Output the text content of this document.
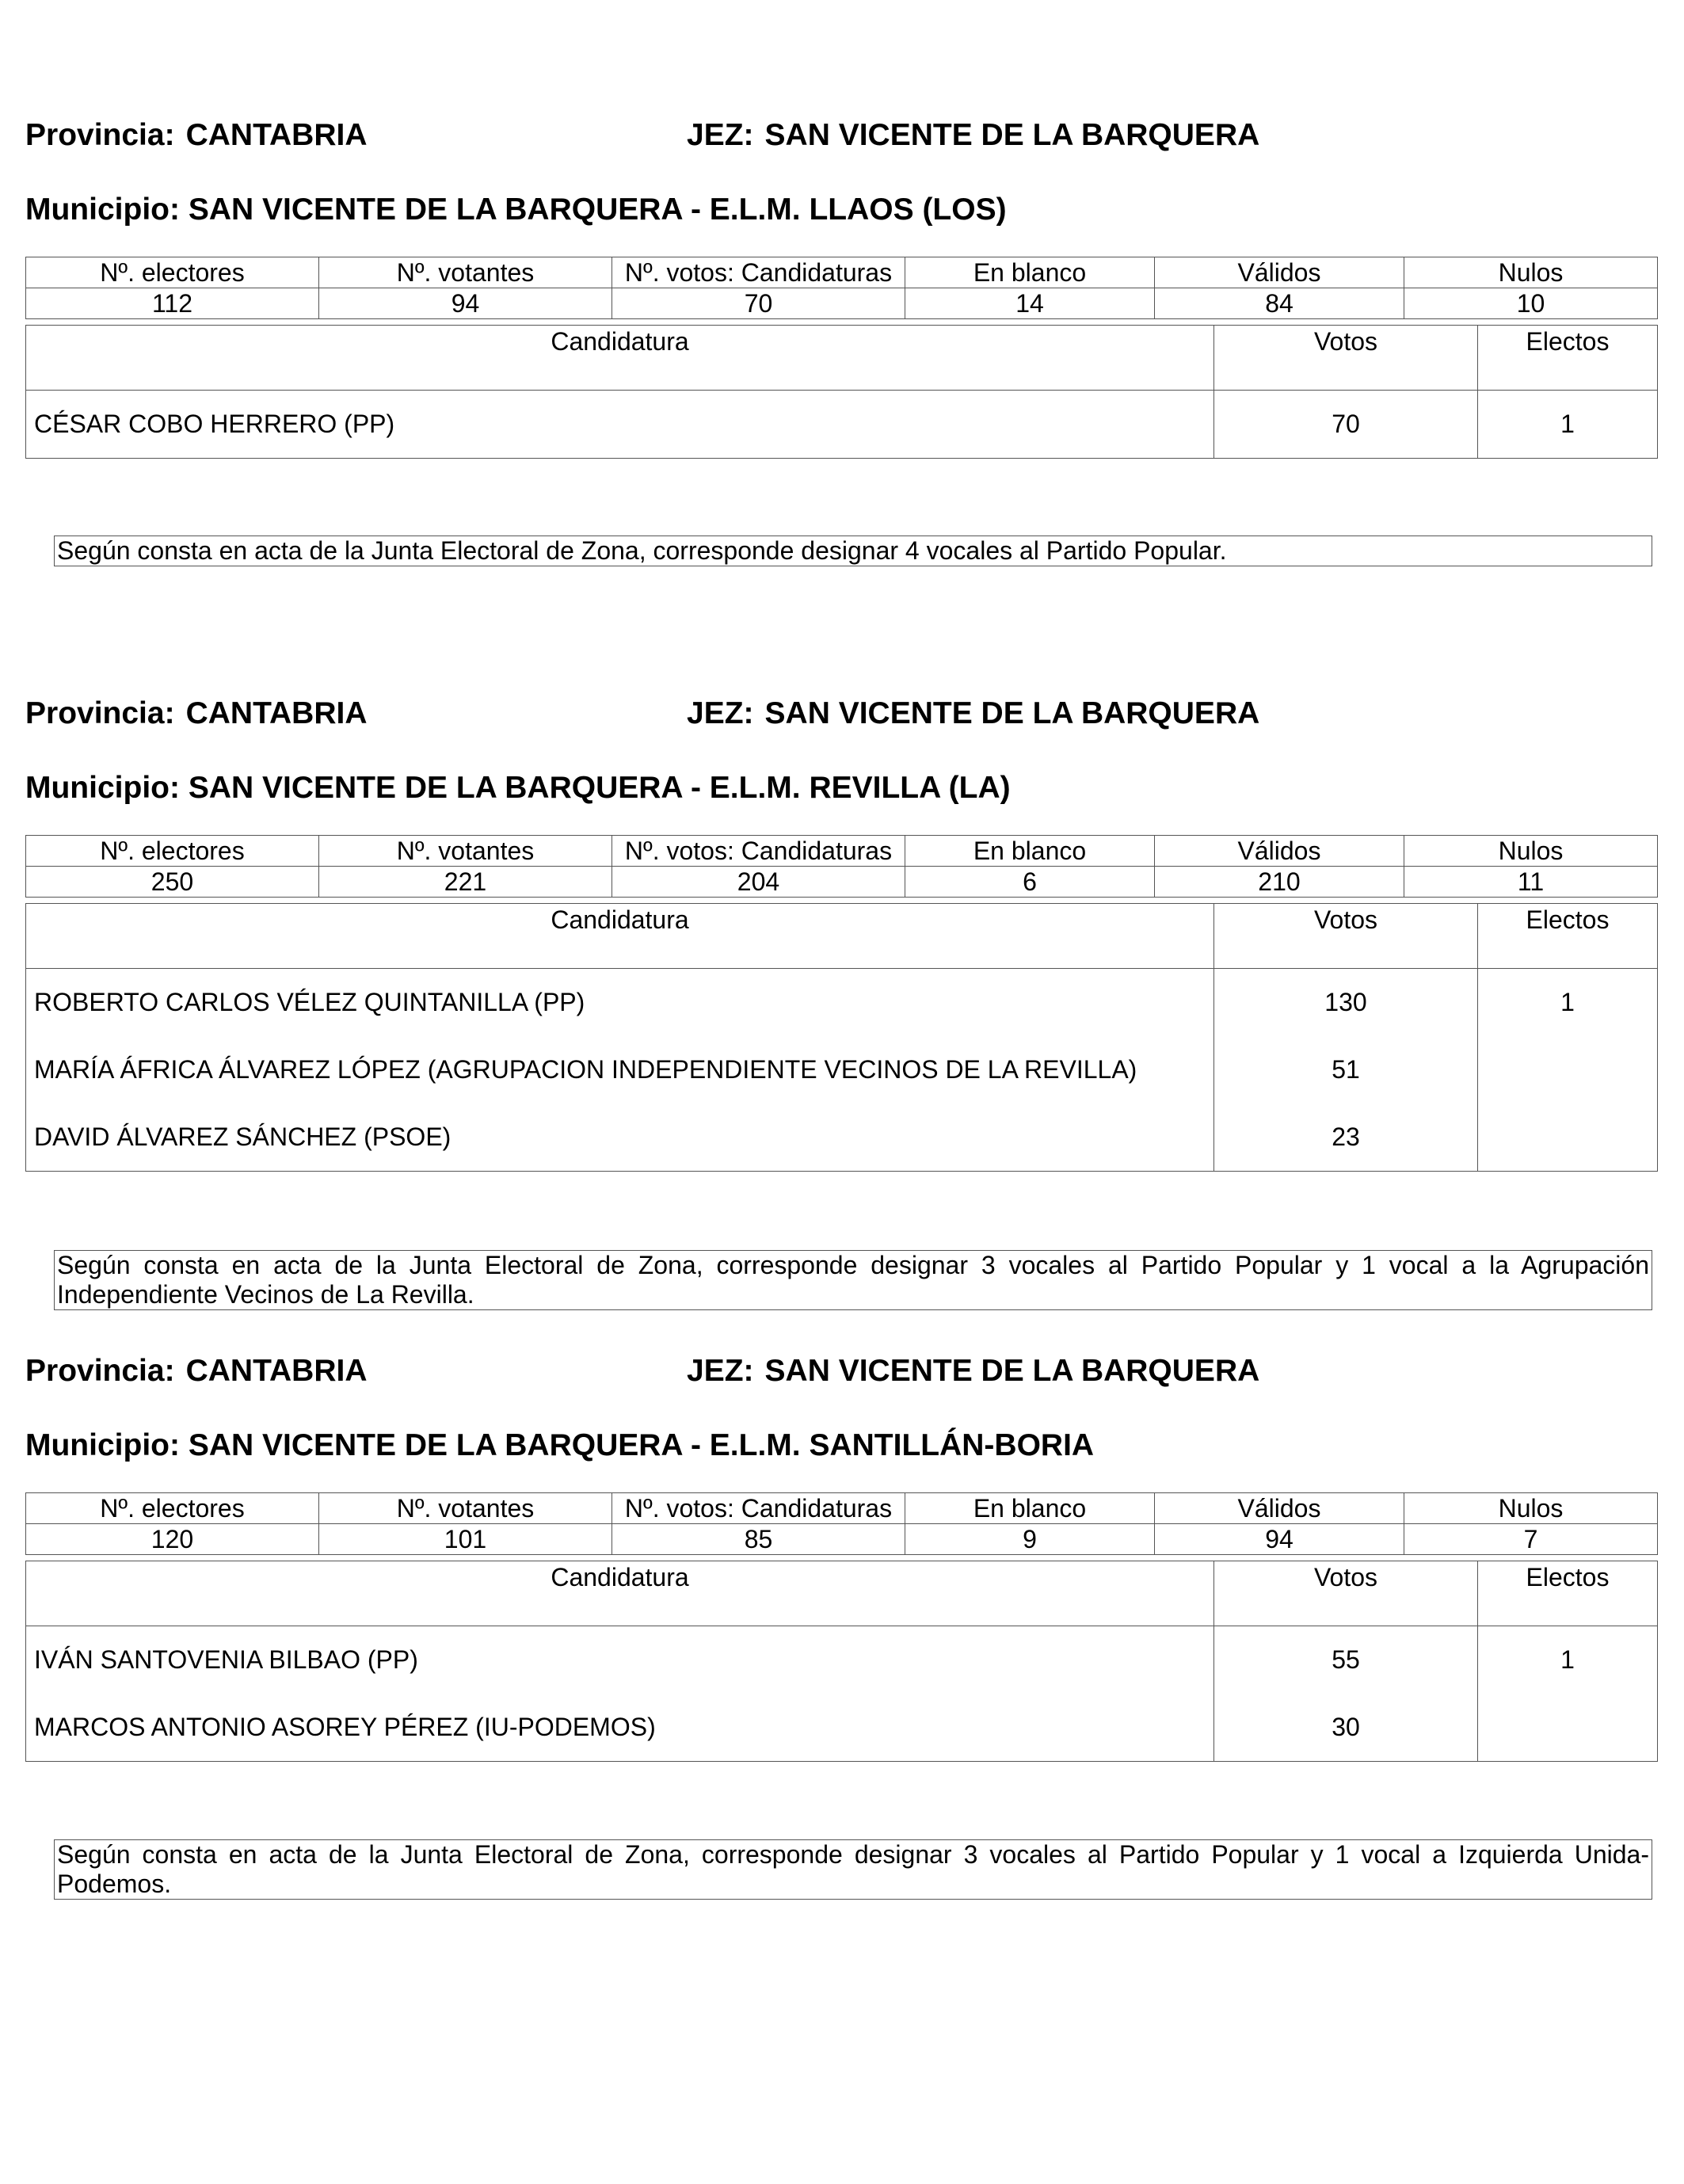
Provincia: CANTABRIA	JEZ: SAN VICENTE DE LA BARQUERA
Municipio: SAN VICENTE DE LA BARQUERA - E.L.M. LLAOS (LOS)
Nº. electores	Nº. votantes	Nº. votos: Candidaturas	En blanco	Válidos	Nulos
112	94	70	14	84	10
Candidatura	Votos	Electos
CÉSAR COBO HERRERO (PP)	70	1
Según consta en acta de la Junta Electoral de Zona, corresponde designar 4 vocales al Partido Popular.
Provincia: CANTABRIA	JEZ: SAN VICENTE DE LA BARQUERA
Municipio: SAN VICENTE DE LA BARQUERA - E.L.M. REVILLA (LA)
Nº. electores	Nº. votantes	Nº. votos: Candidaturas	En blanco	Válidos	Nulos
250	221	204	6	210	11
Candidatura	Votos	Electos
ROBERTO CARLOS VÉLEZ QUINTANILLA (PP)	130	1
MARÍA ÁFRICA ÁLVAREZ LÓPEZ (AGRUPACION INDEPENDIENTE VECINOS DE LA REVILLA)	51	
DAVID ÁLVAREZ SÁNCHEZ (PSOE)	23	
Según consta en acta de la Junta Electoral de Zona, corresponde designar 3 vocales al Partido Popular y 1 vocal a la Agrupación Independiente Vecinos de La Revilla.
Provincia: CANTABRIA	JEZ: SAN VICENTE DE LA BARQUERA
Municipio: SAN VICENTE DE LA BARQUERA - E.L.M. SANTILLÁN-BORIA
Nº. electores	Nº. votantes	Nº. votos: Candidaturas	En blanco	Válidos	Nulos
120	101	85	9	94	7
Candidatura	Votos	Electos
IVÁN SANTOVENIA BILBAO (PP)	55	1
MARCOS ANTONIO ASOREY PÉREZ (IU-PODEMOS)	30	
Según consta en acta de la Junta Electoral de Zona, corresponde designar 3 vocales al Partido Popular y 1 vocal a Izquierda Unida-Podemos.
